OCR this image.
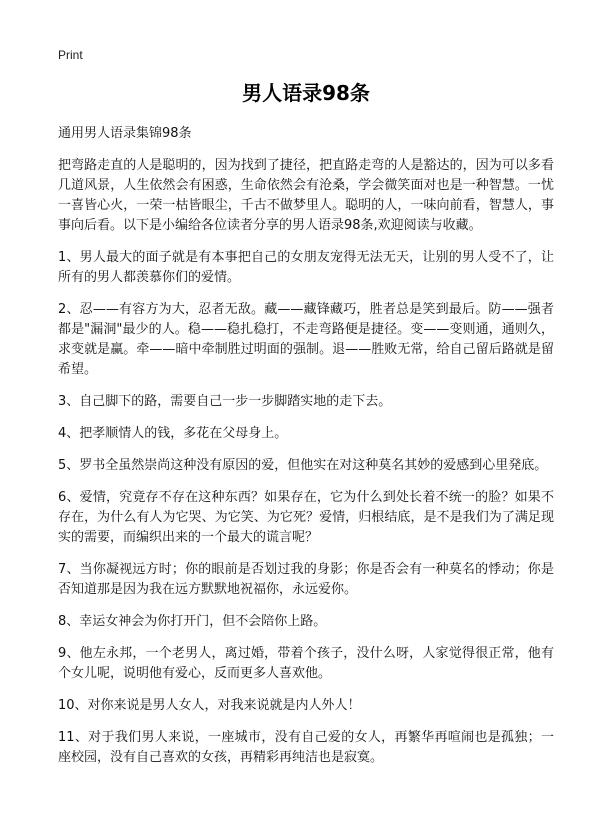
Print
男人语录98条
通用男人语录集锦98条
把弯路走直的人是聪明的，因为找到了捷径，把直路走弯的人是豁达的，因为可以多看几道风景，人生依然会有困惑，生命依然会有沧桑，学会微笑面对也是一种智慧。一忧一喜皆心火，一荣一枯皆眼尘，千古不做梦里人。聪明的人，一味向前看，智慧人，事事向后看。以下是小编给各位读者分享的男人语录98条,欢迎阅读与收藏。
1、男人最大的面子就是有本事把自己的女朋友宠得无法无天，让别的男人受不了，让所有的男人都羡慕你们的爱情。
2、忍——有容方为大，忍者无敌。藏——藏锋藏巧，胜者总是笑到最后。防——强者都是"漏洞"最少的人。稳——稳扎稳打，不走弯路便是捷径。变——变则通，通则久，求变就是赢。牵——暗中牵制胜过明面的强制。退——胜败无常，给自己留后路就是留希望。
3、自己脚下的路，需要自己一步一步脚踏实地的走下去。
4、把孝顺情人的钱，多花在父母身上。
5、罗书全虽然崇尚这种没有原因的爱，但他实在对这种莫名其妙的爱感到心里発底。
6、爱情，究竟存不存在这种东西？如果存在，它为什么到处长着不统一的脸？如果不存在，为什么有人为它哭、为它笑、为它死？爱情，归根结底，是不是我们为了满足现实的需要，而编织出来的一个最大的谎言呢？
7、当你凝视远方时；你的眼前是否划过我的身影；你是否会有一种莫名的悸动；你是否知道那是因为我在远方默默地祝福你，永远爱你。
8、幸运女神会为你打开门，但不会陪你上路。
9、他左永邦，一个老男人，离过婚，带着个孩子，没什么呀，人家觉得很正常，他有个女儿呢，说明他有爱心，反而更多人喜欢他。
10、对你来说是男人女人，对我来说就是内人外人！
11、对于我们男人来说，一座城市，没有自己爱的女人，再繁华再喧闹也是孤独；一座校园，没有自己喜欢的女孩，再精彩再纯洁也是寂寞。
